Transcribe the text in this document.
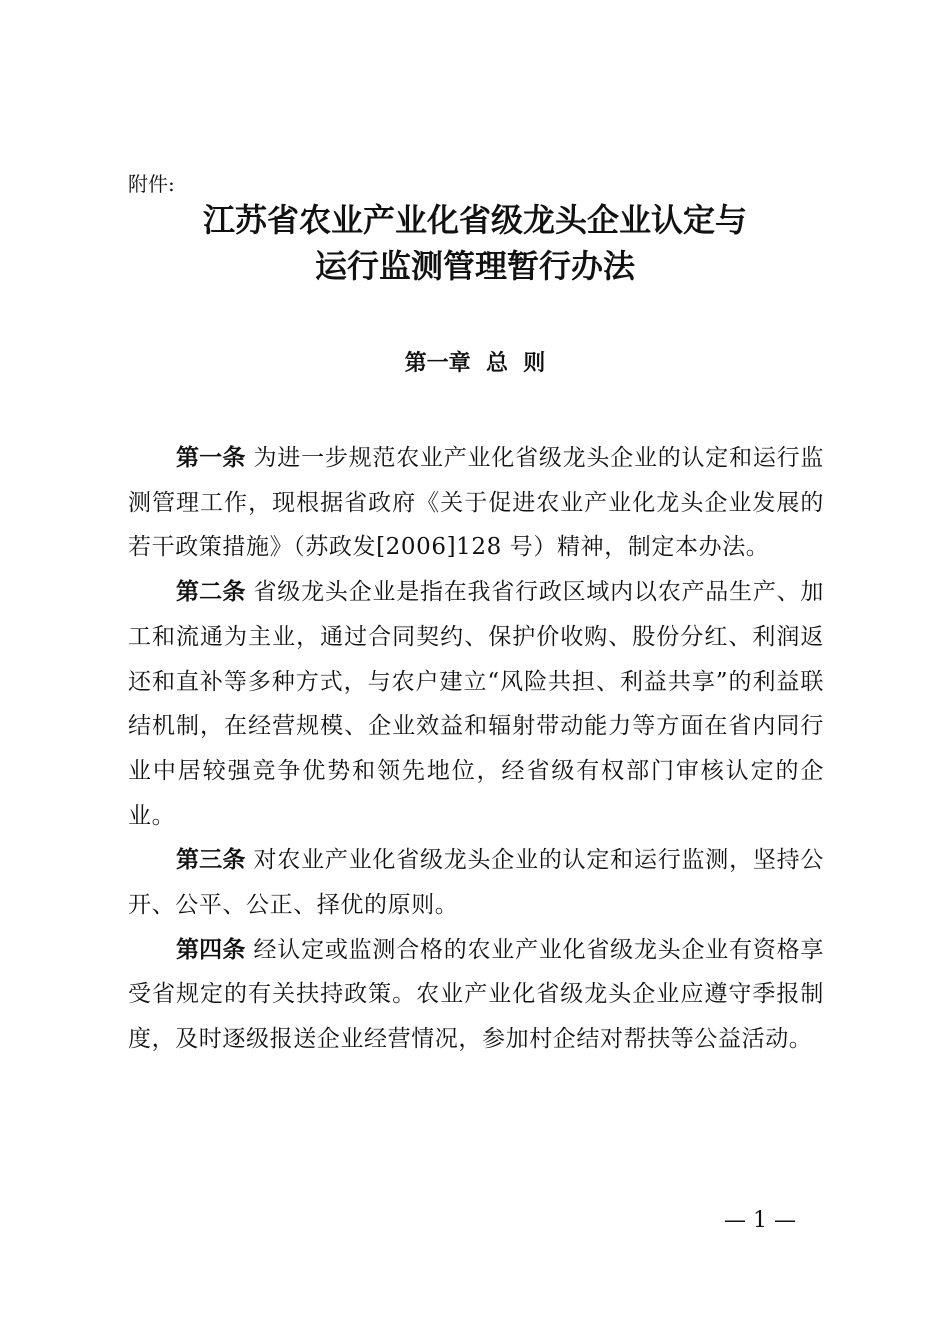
附件:
江苏省农业产业化省级龙头企业认定与
运行监测管理暂行办法
第一章  总  则

第一条 为进一步规范农业产业化省级龙头企业的认定和运行监测管理工作，现根据省政府《关于促进农业产业化龙头企业发展的若干政策措施》（苏政发[2006]128 号）精神，制定本办法。

第二条 省级龙头企业是指在我省行政区域内以农产品生产、加工和流通为主业，通过合同契约、保护价收购、股份分红、利润返还和直补等多种方式，与农户建立“风险共担、利益共享”的利益联结机制，在经营规模、企业效益和辐射带动能力等方面在省内同行业中居较强竞争优势和领先地位，经省级有权部门审核认定的企业。

第三条 对农业产业化省级龙头企业的认定和运行监测，坚持公开、公平、公正、择优的原则。

第四条 经认定或监测合格的农业产业化省级龙头企业有资格享受省规定的有关扶持政策。农业产业化省级龙头企业应遵守季报制度，及时逐级报送企业经营情况，参加村企结对帮扶等公益活动。

— 1 —
